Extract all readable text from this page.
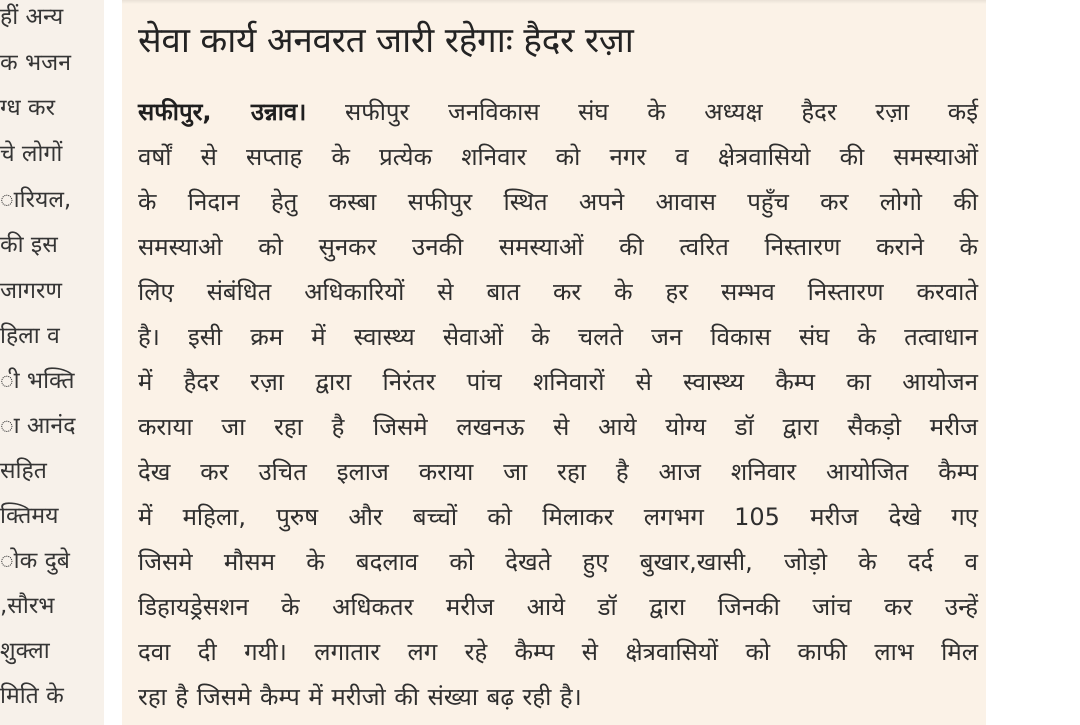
हीं अन्य
क भजन
ग्ध कर
चे लोगों
ारियल,
की इस
जागरण
हिला व
ी भक्ति
ा आनंद
सहित
क्तिमय
ोक दुबे
,सौरभ
शुक्ला
मिति के
सेवा कार्य अनवरत जारी रहेगाः हैदर रज़ा
सफीपुर, उन्नाव। सफीपुर जनविकास संघ के अध्यक्ष हैदर रज़ा कई
वर्षों से सप्ताह के प्रत्येक शनिवार को नगर व क्षेत्रवासियो की समस्याओं
के निदान हेतु कस्बा सफीपुर स्थित अपने आवास पहुँच कर लोगो की
समस्याओ को सुनकर उनकी समस्याओं की त्वरित निस्तारण कराने के
लिए संबंधित अधिकारियों से बात कर के हर सम्भव निस्तारण करवाते
है। इसी क्रम में स्वास्थ्य सेवाओं के चलते जन विकास संघ के तत्वाधान
में हैदर रज़ा द्वारा निरंतर पांच शनिवारों से स्वास्थ्य कैम्प का आयोजन
कराया जा रहा है जिसमे लखनऊ से आये योग्य डॉ द्वारा सैकड़ो मरीज
देख कर उचित इलाज कराया जा रहा है आज शनिवार आयोजित कैम्प
में महिला, पुरुष और बच्चों को मिलाकर लगभग 105 मरीज देखे गए
जिसमे मौसम के बदलाव को देखते हुए बुखार,खासी, जोड़ो के दर्द व
डिहायड्रेसशन के अधिकतर मरीज आये डॉ द्वारा जिनकी जांच कर उन्हें
दवा दी गयी। लगातार लग रहे कैम्प से क्षेत्रवासियों को काफी लाभ मिल
रहा है जिसमे कैम्प में मरीजो की संख्या बढ़ रही है।
